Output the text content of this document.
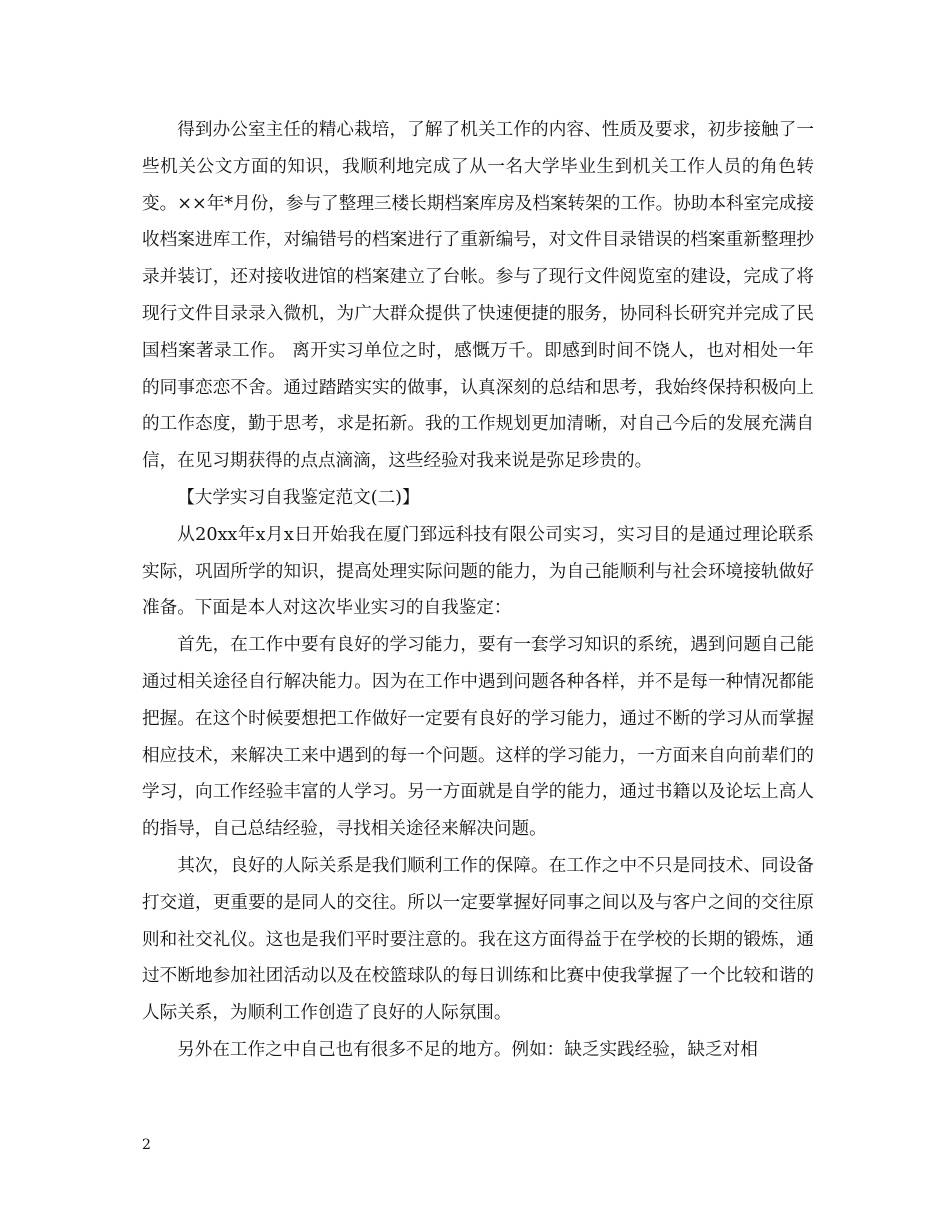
得到办公室主任的精心栽培，了解了机关工作的内容、性质及要求，初步接触了一些机关公文方面的知识，我顺利地完成了从一名大学毕业生到机关工作人员的角色转变。××年*月份，参与了整理三楼长期档案库房及档案转架的工作。协助本科室完成接收档案进库工作，对编错号的档案进行了重新编号，对文件目录错误的档案重新整理抄录并装订，还对接收进馆的档案建立了台帐。参与了现行文件阅览室的建设，完成了将现行文件目录录入微机，为广大群众提供了快速便捷的服务，协同科长研究并完成了民国档案著录工作。 离开实习单位之时，感慨万千。即感到时间不饶人，也对相处一年的同事恋恋不舍。通过踏踏实实的做事，认真深刻的总结和思考，我始终保持积极向上的工作态度，勤于思考，求是拓新。我的工作规划更加清晰，对自己今后的发展充满自信，在见习期获得的点点滴滴，这些经验对我来说是弥足珍贵的。

【大学实习自我鉴定范文(二)】

从20xx年x月x日开始我在厦门郅远科技有限公司实习，实习目的是通过理论联系实际，巩固所学的知识，提高处理实际问题的能力，为自己能顺利与社会环境接轨做好准备。下面是本人对这次毕业实习的自我鉴定：

首先，在工作中要有良好的学习能力，要有一套学习知识的系统，遇到问题自己能通过相关途径自行解决能力。因为在工作中遇到问题各种各样，并不是每一种情况都能把握。在这个时候要想把工作做好一定要有良好的学习能力，通过不断的学习从而掌握相应技术，来解决工来中遇到的每一个问题。这样的学习能力，一方面来自向前辈们的学习，向工作经验丰富的人学习。另一方面就是自学的能力，通过书籍以及论坛上高人的指导，自己总结经验，寻找相关途径来解决问题。

其次，良好的人际关系是我们顺利工作的保障。在工作之中不只是同技术、同设备打交道，更重要的是同人的交往。所以一定要掌握好同事之间以及与客户之间的交往原则和社交礼仪。这也是我们平时要注意的。我在这方面得益于在学校的长期的锻炼，通过不断地参加社团活动以及在校篮球队的每日训练和比赛中使我掌握了一个比较和谐的人际关系，为顺利工作创造了良好的人际氛围。

另外在工作之中自己也有很多不足的地方。例如：缺乏实践经验，缺乏对相

2
